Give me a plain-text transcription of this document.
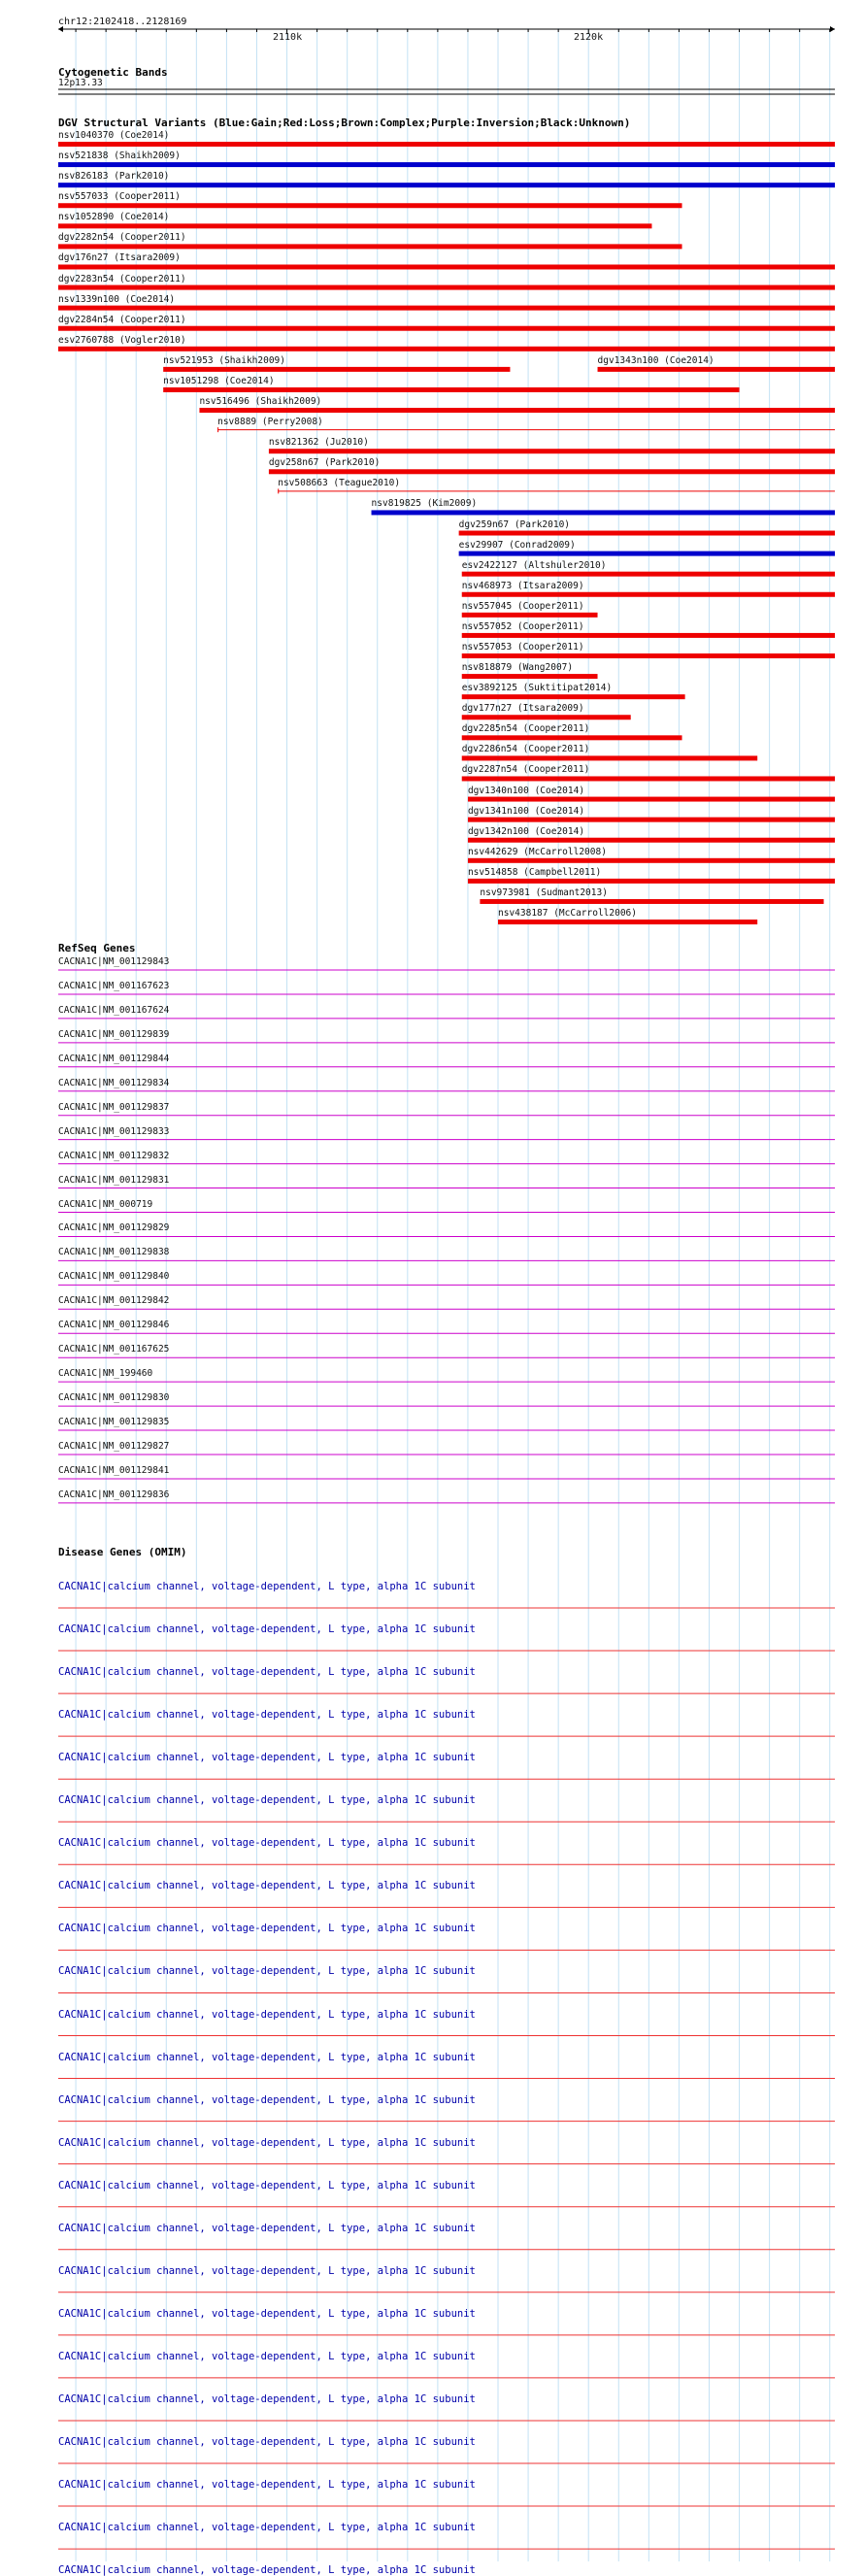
chr12:2102418..2128169
2110k	2120k
Cytogenetic Bands
12p13.33
DGV Structural Variants (Blue:Gain;Red:Loss;Brown:Complex;Purple:Inversion;Black:Unknown)
RefSeq Genes
Disease Genes (OMIM)
nsv1040370 (Coe2014)
nsv521838 (Shaikh2009)
nsv826183 (Park2010)
nsv557033 (Cooper2011)
nsv1052890 (Coe2014)
dgv2282n54 (Cooper2011)
dgv176n27 (Itsara2009)
dgv2283n54 (Cooper2011)
nsv1339n100 (Coe2014)
dgv2284n54 (Cooper2011)
esv2760788 (Vogler2010)
nsv521953 (Shaikh2009)	dgv1343n100 (Coe2014)
nsv1051298 (Coe2014)
nsv516496 (Shaikh2009)
nsv8889 (Perry2008)
nsv821362 (Ju2010)
dgv258n67 (Park2010)
nsv508663 (Teague2010)
nsv819825 (Kim2009)
dgv259n67 (Park2010)
esv29907 (Conrad2009)
esv2422127 (Altshuler2010)
nsv468973 (Itsara2009)
nsv557045 (Cooper2011)
nsv557052 (Cooper2011)
nsv557053 (Cooper2011)
nsv818879 (Wang2007)
esv3892125 (Suktitipat2014)
dgv177n27 (Itsara2009)
dgv2285n54 (Cooper2011)
dgv2286n54 (Cooper2011)
dgv2287n54 (Cooper2011)
dgv1340n100 (Coe2014)
dgv1341n100 (Coe2014)
dgv1342n100 (Coe2014)
nsv442629 (McCarroll2008)
nsv514858 (Campbell2011)
nsv973981 (Sudmant2013)
nsv438187 (McCarroll2006)
CACNA1C|NM_001129843
CACNA1C|NM_001167623
CACNA1C|NM_001167624
CACNA1C|NM_001129839
CACNA1C|NM_001129844
CACNA1C|NM_001129834
CACNA1C|NM_001129837
CACNA1C|NM_001129833
CACNA1C|NM_001129832
CACNA1C|NM_001129831
CACNA1C|NM_000719
CACNA1C|NM_001129829
CACNA1C|NM_001129838
CACNA1C|NM_001129840
CACNA1C|NM_001129842
CACNA1C|NM_001129846
CACNA1C|NM_001167625
CACNA1C|NM_199460
CACNA1C|NM_001129830
CACNA1C|NM_001129835
CACNA1C|NM_001129827
CACNA1C|NM_001129841
CACNA1C|NM_001129836
CACNA1C|calcium channel, voltage-dependent, L type, alpha 1C subunit
CACNA1C|calcium channel, voltage-dependent, L type, alpha 1C subunit
CACNA1C|calcium channel, voltage-dependent, L type, alpha 1C subunit
CACNA1C|calcium channel, voltage-dependent, L type, alpha 1C subunit
CACNA1C|calcium channel, voltage-dependent, L type, alpha 1C subunit
CACNA1C|calcium channel, voltage-dependent, L type, alpha 1C subunit
CACNA1C|calcium channel, voltage-dependent, L type, alpha 1C subunit
CACNA1C|calcium channel, voltage-dependent, L type, alpha 1C subunit
CACNA1C|calcium channel, voltage-dependent, L type, alpha 1C subunit
CACNA1C|calcium channel, voltage-dependent, L type, alpha 1C subunit
CACNA1C|calcium channel, voltage-dependent, L type, alpha 1C subunit
CACNA1C|calcium channel, voltage-dependent, L type, alpha 1C subunit
CACNA1C|calcium channel, voltage-dependent, L type, alpha 1C subunit
CACNA1C|calcium channel, voltage-dependent, L type, alpha 1C subunit
CACNA1C|calcium channel, voltage-dependent, L type, alpha 1C subunit
CACNA1C|calcium channel, voltage-dependent, L type, alpha 1C subunit
CACNA1C|calcium channel, voltage-dependent, L type, alpha 1C subunit
CACNA1C|calcium channel, voltage-dependent, L type, alpha 1C subunit
CACNA1C|calcium channel, voltage-dependent, L type, alpha 1C subunit
CACNA1C|calcium channel, voltage-dependent, L type, alpha 1C subunit
CACNA1C|calcium channel, voltage-dependent, L type, alpha 1C subunit
CACNA1C|calcium channel, voltage-dependent, L type, alpha 1C subunit
CACNA1C|calcium channel, voltage-dependent, L type, alpha 1C subunit
CACNA1C|calcium channel, voltage-dependent, L type, alpha 1C subunit
